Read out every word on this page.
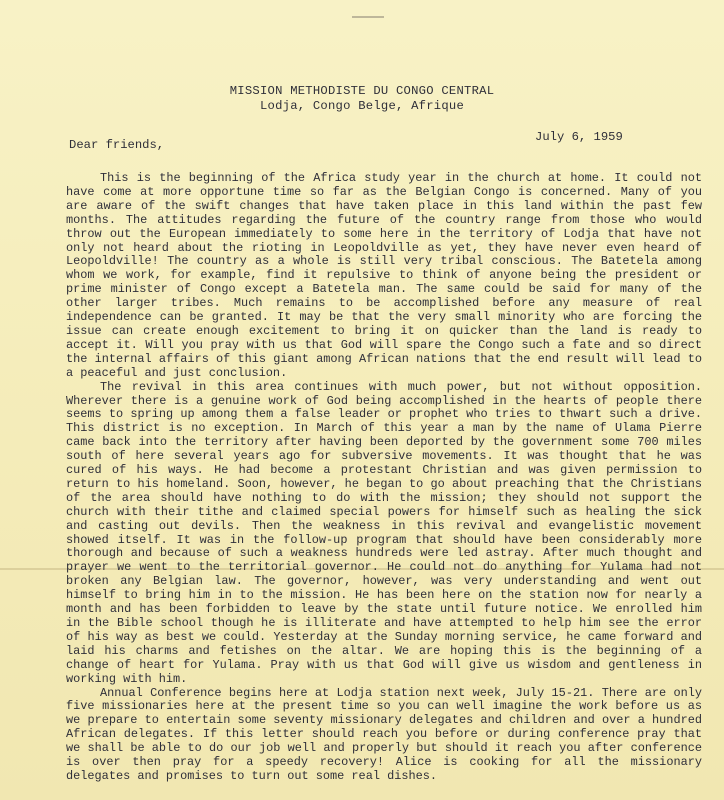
MISSION METHODISTE DU CONGO CENTRAL
Lodja, Congo Belge, Afrique
July 6, 1959
Dear friends,

This is the beginning of the Africa study year in the church at home. It could not have come at more opportune time so far as the Belgian Congo is concerned. Many of you are aware of the swift changes that have taken place in this land within the past few months. The attitudes regarding the future of the country range from those who would throw out the European immediately to some here in the territory of Lodja that have not only not heard about the rioting in Leopoldville as yet, they have never even heard of Leopoldville! The country as a whole is still very tribal conscious. The Batetela among whom we work, for example, find it repulsive to think of anyone being the president or prime minister of Congo except a Batetela man. The same could be said for many of the other larger tribes. Much remains to be accomplished before any measure of real independence can be granted. It may be that the very small minority who are forcing the issue can create enough excitement to bring it on quicker than the land is ready to accept it. Will you pray with us that God will spare the Congo such a fate and so direct the internal affairs of this giant among African nations that the end result will lead to a peaceful and just conclusion.

The revival in this area continues with much power, but not without opposition. Wherever there is a genuine work of God being accomplished in the hearts of people there seems to spring up among them a false leader or prophet who tries to thwart such a drive. This district is no exception. In March of this year a man by the name of Ulama Pierre came back into the territory after having been deported by the government some 700 miles south of here several years ago for subversive movements. It was thought that he was cured of his ways. He had become a protestant Christian and was given permission to return to his homeland. Soon, however, he began to go about preaching that the Christians of the area should have nothing to do with the mission; they should not support the church with their tithe and claimed special powers for himself such as healing the sick and casting out devils. Then the weakness in this revival and evangelistic movement showed itself. It was in the follow-up program that should have been considerably more thorough and because of such a weakness hundreds were led astray. After much thought and prayer we went to the territorial governor. He could not do anything for Yulama had not broken any Belgian law. The governor, however, was very understanding and went out himself to bring him in to the mission. He has been here on the station now for nearly a month and has been forbidden to leave by the state until future notice. We enrolled him in the Bible school though he is illiterate and have attempted to help him see the error of his way as best we could. Yesterday at the Sunday morning service, he came forward and laid his charms and fetishes on the altar. We are hoping this is the beginning of a change of heart for Yulama. Pray with us that God will give us wisdom and gentleness in working with him.

Annual Conference begins here at Lodja station next week, July 15-21. There are only five missionaries here at the present time so you can well imagine the work before us as we prepare to entertain some seventy missionary delegates and children and over a hundred African delegates. If this letter should reach you before or during conference pray that we shall be able to do our job well and properly but should it reach you after conference is over then pray for a speedy recovery! Alice is cooking for all the missionary delegates and promises to turn out some real dishes.
